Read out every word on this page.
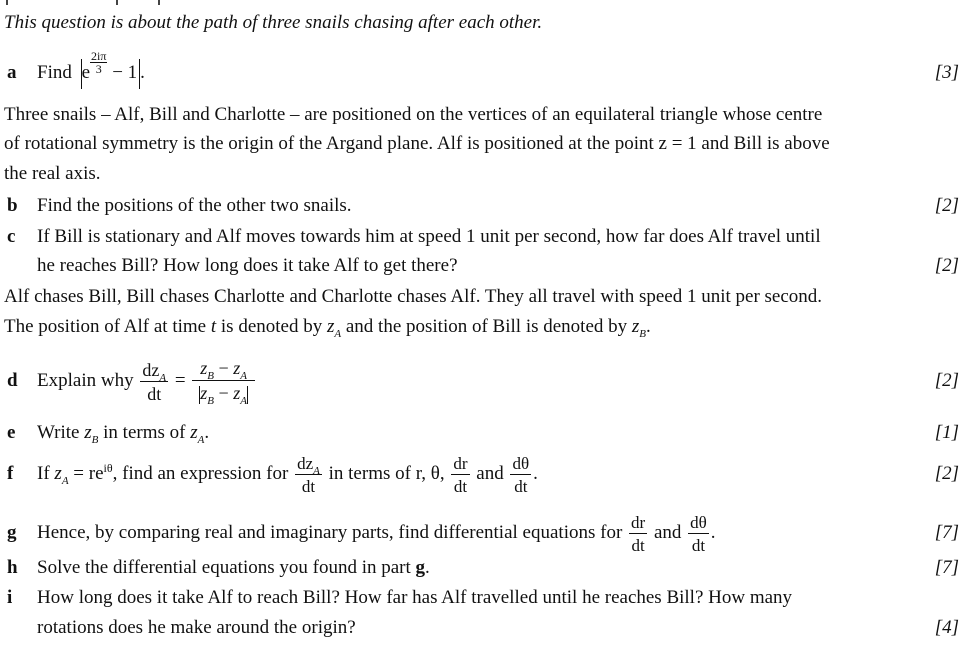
This question is about the path of three snails chasing after each other.
a	Find e $\frac{2i\pi}{3} - 1$ .	[3]
Three snails – Alf, Bill and Charlotte – are positioned on the vertices of an equilateral triangle whose centre
of rotational symmetry is the origin of the Argand plane. Alf is positioned at the point z = 1 and Bill is above
the real axis.
b	Find the positions of the other two snails.	[2]
c	If Bill is stationary and Alf moves towards him at speed 1 unit per second, how far does Alf travel until
he reaches Bill? How long does it take Alf to get there?	[2]
Alf chases Bill, Bill chases Charlotte and Charlotte chases Alf. They all travel with speed 1 unit per second.
The position of Alf at time t is denoted by $z_A$ and the position of Bill is denoted by $z_B$.
d	Explain why $\frac{dz_A}{dt} = \frac{z_B - z_A}{z_B - z_A}$	[2]
e	Write $z_B$ in terms of $z_A$.	[1]
f	If $z_A = re^{i\theta}$, find an expression for $\frac{dz_A}{dt}$ in terms of r, θ, $\frac{dr}{dt}$ and $\frac{d\theta}{dt}$ .	[2]
g	Hence, by comparing real and imaginary parts, find differential equations for $\frac{dr}{dt}$ and $\frac{d\theta}{dt}$ .	[7]
h	Solve the differential equations you found in part g.	[7]
i	How long does it take Alf to reach Bill? How far has Alf travelled until he reaches Bill? How many
rotations does he make around the origin?	[4]
